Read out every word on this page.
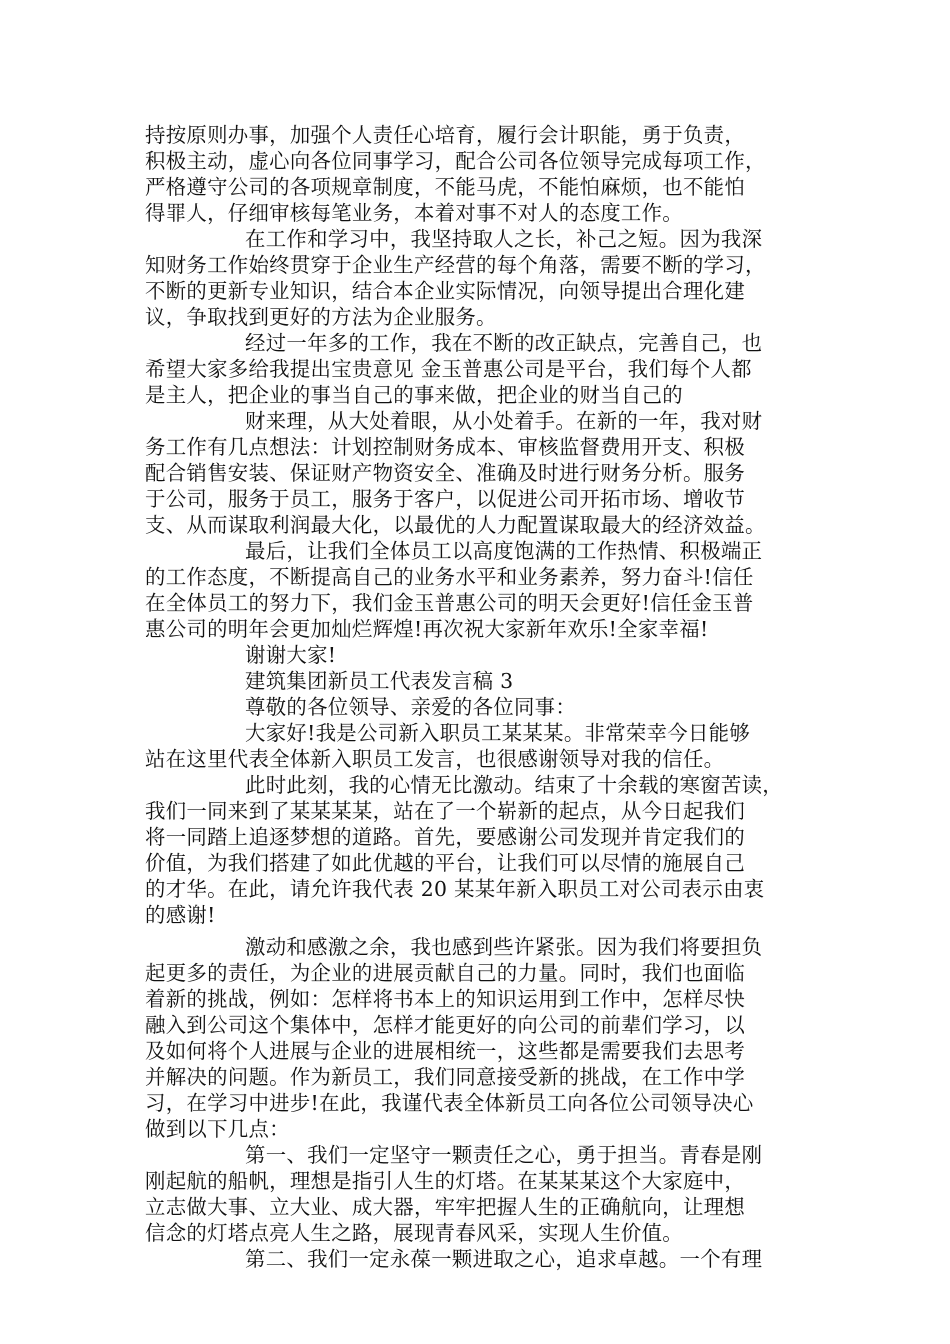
持按原则办事，加强个人责任心培育，履行会计职能，勇于负责，

积极主动，虚心向各位同事学习，配合公司各位领导完成每项工作，

严格遵守公司的各项规章制度，不能马虎，不能怕麻烦，也不能怕

得罪人，仔细审核每笔业务，本着对事不对人的态度工作。

在工作和学习中，我坚持取人之长，补己之短。因为我深

知财务工作始终贯穿于企业生产经营的每个角落，需要不断的学习，

不断的更新专业知识，结合本企业实际情况，向领导提出合理化建

议，争取找到更好的方法为企业服务。

经过一年多的工作，我在不断的改正缺点，完善自己，也

希望大家多给我提出宝贵意见 金玉普惠公司是平台，我们每个人都

是主人，把企业的事当自己的事来做，把企业的财当自己的

财来理，从大处着眼，从小处着手。在新的一年，我对财

务工作有几点想法：计划控制财务成本、审核监督费用开支、积极

配合销售安装、保证财产物资安全、准确及时进行财务分析。服务

于公司，服务于员工，服务于客户，以促进公司开拓市场、增收节

支、从而谋取利润最大化，以最优的人力配置谋取最大的经济效益。

最后，让我们全体员工以高度饱满的工作热情、积极端正

的工作态度，不断提高自己的业务水平和业务素养，努力奋斗!信任

在全体员工的努力下，我们金玉普惠公司的明天会更好!信任金玉普

惠公司的明年会更加灿烂辉煌!再次祝大家新年欢乐!全家幸福!

谢谢大家!

建筑集团新员工代表发言稿 3

尊敬的各位领导、亲爱的各位同事：

大家好!我是公司新入职员工某某某。非常荣幸今日能够

站在这里代表全体新入职员工发言，也很感谢领导对我的信任。

此时此刻，我的心情无比激动。结束了十余载的寒窗苦读，

我们一同来到了某某某某，站在了一个崭新的起点，从今日起我们

将一同踏上追逐梦想的道路。首先，要感谢公司发现并肯定我们的

价值，为我们搭建了如此优越的平台，让我们可以尽情的施展自己

的才华。在此，请允许我代表 20 某某年新入职员工对公司表示由衷

的感谢!

激动和感激之余，我也感到些许紧张。因为我们将要担负

起更多的责任，为企业的进展贡献自己的力量。同时，我们也面临

着新的挑战，例如：怎样将书本上的知识运用到工作中，怎样尽快

融入到公司这个集体中，怎样才能更好的向公司的前辈们学习，以

及如何将个人进展与企业的进展相统一，这些都是需要我们去思考

并解决的问题。作为新员工，我们同意接受新的挑战，在工作中学

习，在学习中进步!在此，我谨代表全体新员工向各位公司领导决心

做到以下几点：

第一、我们一定坚守一颗责任之心，勇于担当。青春是刚

刚起航的船帆，理想是指引人生的灯塔。在某某某这个大家庭中，

立志做大事、立大业、成大器，牢牢把握人生的正确航向，让理想

信念的灯塔点亮人生之路，展现青春风采，实现人生价值。

第二、我们一定永葆一颗进取之心，追求卓越。一个有理
